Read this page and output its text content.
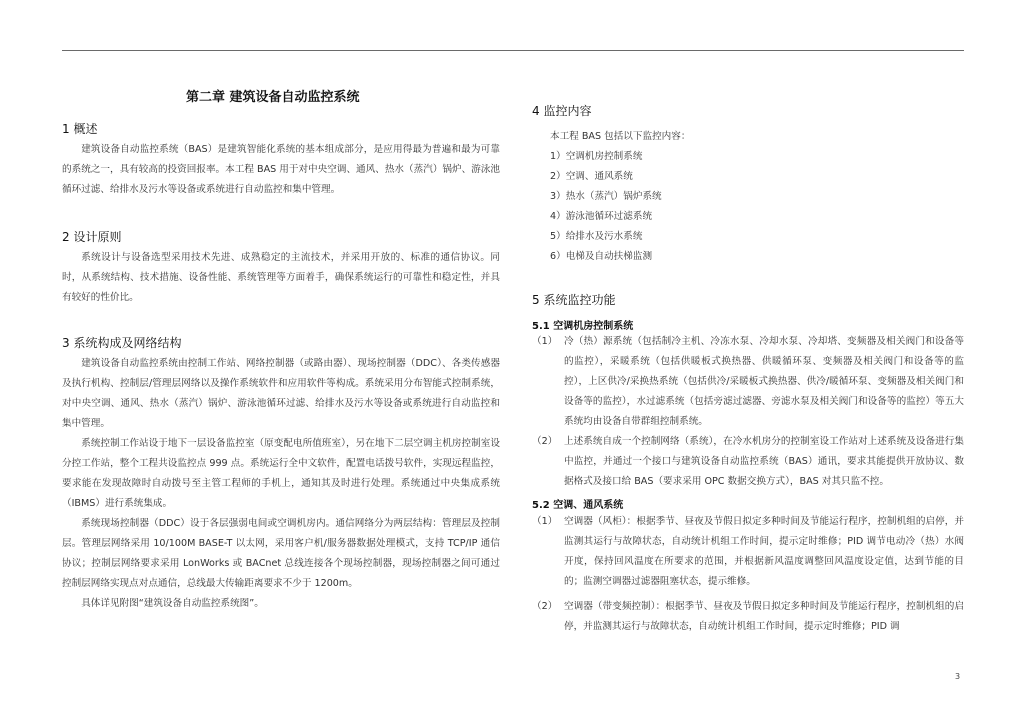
第二章 建筑设备自动监控系统
1 概述
建筑设备自动监控系统（BAS）是建筑智能化系统的基本组成部分，是应用得最为普遍和最为可靠的系统之一，具有较高的投资回报率。本工程 BAS 用于对中央空调、通风、热水（蒸汽）锅炉、游泳池循环过滤、给排水及污水等设备或系统进行自动监控和集中管理。
2 设计原则
系统设计与设备选型采用技术先进、成熟稳定的主流技术，并采用开放的、标准的通信协议。同时，从系统结构、技术措施、设备性能、系统管理等方面着手，确保系统运行的可靠性和稳定性，并具有较好的性价比。
3 系统构成及网络结构
建筑设备自动监控系统由控制工作站、网络控制器（或路由器）、现场控制器（DDC）、各类传感器及执行机构、控制层/管理层网络以及操作系统软件和应用软件等构成。系统采用分布智能式控制系统，对中央空调、通风、热水（蒸汽）锅炉、游泳池循环过滤、给排水及污水等设备或系统进行自动监控和集中管理。
系统控制工作站设于地下一层设备监控室（原变配电所值班室），另在地下二层空调主机房控制室设分控工作站，整个工程共设监控点 999 点。系统运行全中文软件，配置电话拨号软件，实现远程监控，要求能在发现故障时自动拨号至主管工程师的手机上，通知其及时进行处理。系统通过中央集成系统（IBMS）进行系统集成。
系统现场控制器（DDC）设于各层强弱电间或空调机房内。通信网络分为两层结构：管理层及控制层。管理层网络采用 10/100M BASE-T 以太网，采用客户机/服务器数据处理模式，支持 TCP/IP 通信协议；控制层网络要求采用 LonWorks 或 BACnet 总线连接各个现场控制器，现场控制器之间可通过控制层网络实现点对点通信，总线最大传输距离要求不少于 1200m。
具体详见附图“建筑设备自动监控系统图”。
4 监控内容
本工程 BAS 包括以下监控内容：
1）空调机房控制系统
2）空调、通风系统
3）热水（蒸汽）锅炉系统
4）游泳池循环过滤系统
5）给排水及污水系统
6）电梯及自动扶梯监测
5 系统监控功能
5.1 空调机房控制系统
（1） 冷（热）源系统（包括制冷主机、冷冻水泵、冷却水泵、冷却塔、变频器及相关阀门和设备等的监控），采暖系统（包括供暖板式换热器、供暖循环泵、变频器及相关阀门和设备等的监控），上区供冷/采换热系统（包括供冷/采暖板式换热器、供冷/暖循环泵、变频器及相关阀门和设备等的监控），水过滤系统（包括旁滤过滤器、旁滤水泵及相关阀门和设备等的监控）等五大系统均由设备自带群组控制系统。
（2） 上述系统自成一个控制网络（系统），在冷水机房分的控制室设工作站对上述系统及设备进行集中监控，并通过一个接口与建筑设备自动监控系统（BAS）通讯，要求其能提供开放协议、数据格式及接口给 BAS（要求采用 OPC 数据交换方式），BAS 对其只监不控。
5.2 空调、通风系统
（1） 空调器（风柜）：根据季节、昼夜及节假日拟定多种时间及节能运行程序，控制机组的启停，并监测其运行与故障状态，自动统计机组工作时间，提示定时维修；PID 调节电动冷（热）水阀开度，保持回风温度在所要求的范围，并根据新风温度调整回风温度设定值，达到节能的目的；监测空调器过滤器阻塞状态，提示维修。
（2） 空调器（带变频控制）：根据季节、昼夜及节假日拟定多种时间及节能运行程序，控制机组的启停，并监测其运行与故障状态，自动统计机组工作时间，提示定时维修；PID 调
3
